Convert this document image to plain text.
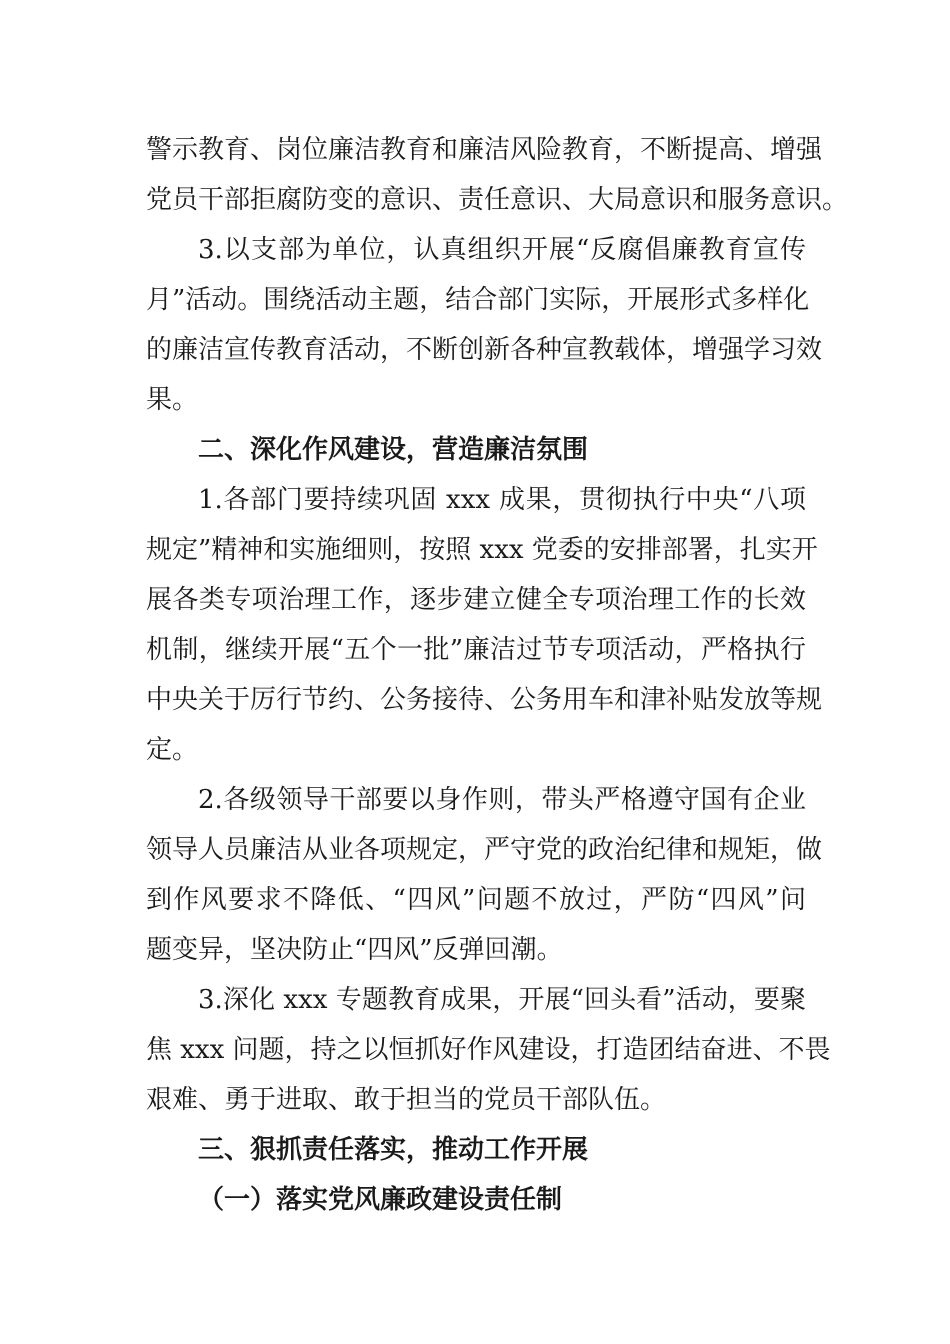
警示教育、岗位廉洁教育和廉洁风险教育，不断提高、增强
党员干部拒腐防变的意识、责任意识、大局意识和服务意识。
3.以支部为单位，认真组织开展“反腐倡廉教育宣传
月”活动。围绕活动主题，结合部门实际，开展形式多样化
的廉洁宣传教育活动，不断创新各种宣教载体，增强学习效
果。
二、深化作风建设，营造廉洁氛围
1.各部门要持续巩固 xxx 成果，贯彻执行中央“八项
规定”精神和实施细则，按照 xxx 党委的安排部署，扎实开
展各类专项治理工作，逐步建立健全专项治理工作的长效
机制，继续开展“五个一批”廉洁过节专项活动，严格执行
中央关于厉行节约、公务接待、公务用车和津补贴发放等规
定。
2.各级领导干部要以身作则，带头严格遵守国有企业
领导人员廉洁从业各项规定，严守党的政治纪律和规矩，做
到作风要求不降低、“四风”问题不放过，严防“四风”问
题变异，坚决防止“四风”反弹回潮。
3.深化 xxx 专题教育成果，开展“回头看”活动，要聚
焦 xxx 问题，持之以恒抓好作风建设，打造团结奋进、不畏
艰难、勇于进取、敢于担当的党员干部队伍。
三、狠抓责任落实，推动工作开展
（一）落实党风廉政建设责任制
